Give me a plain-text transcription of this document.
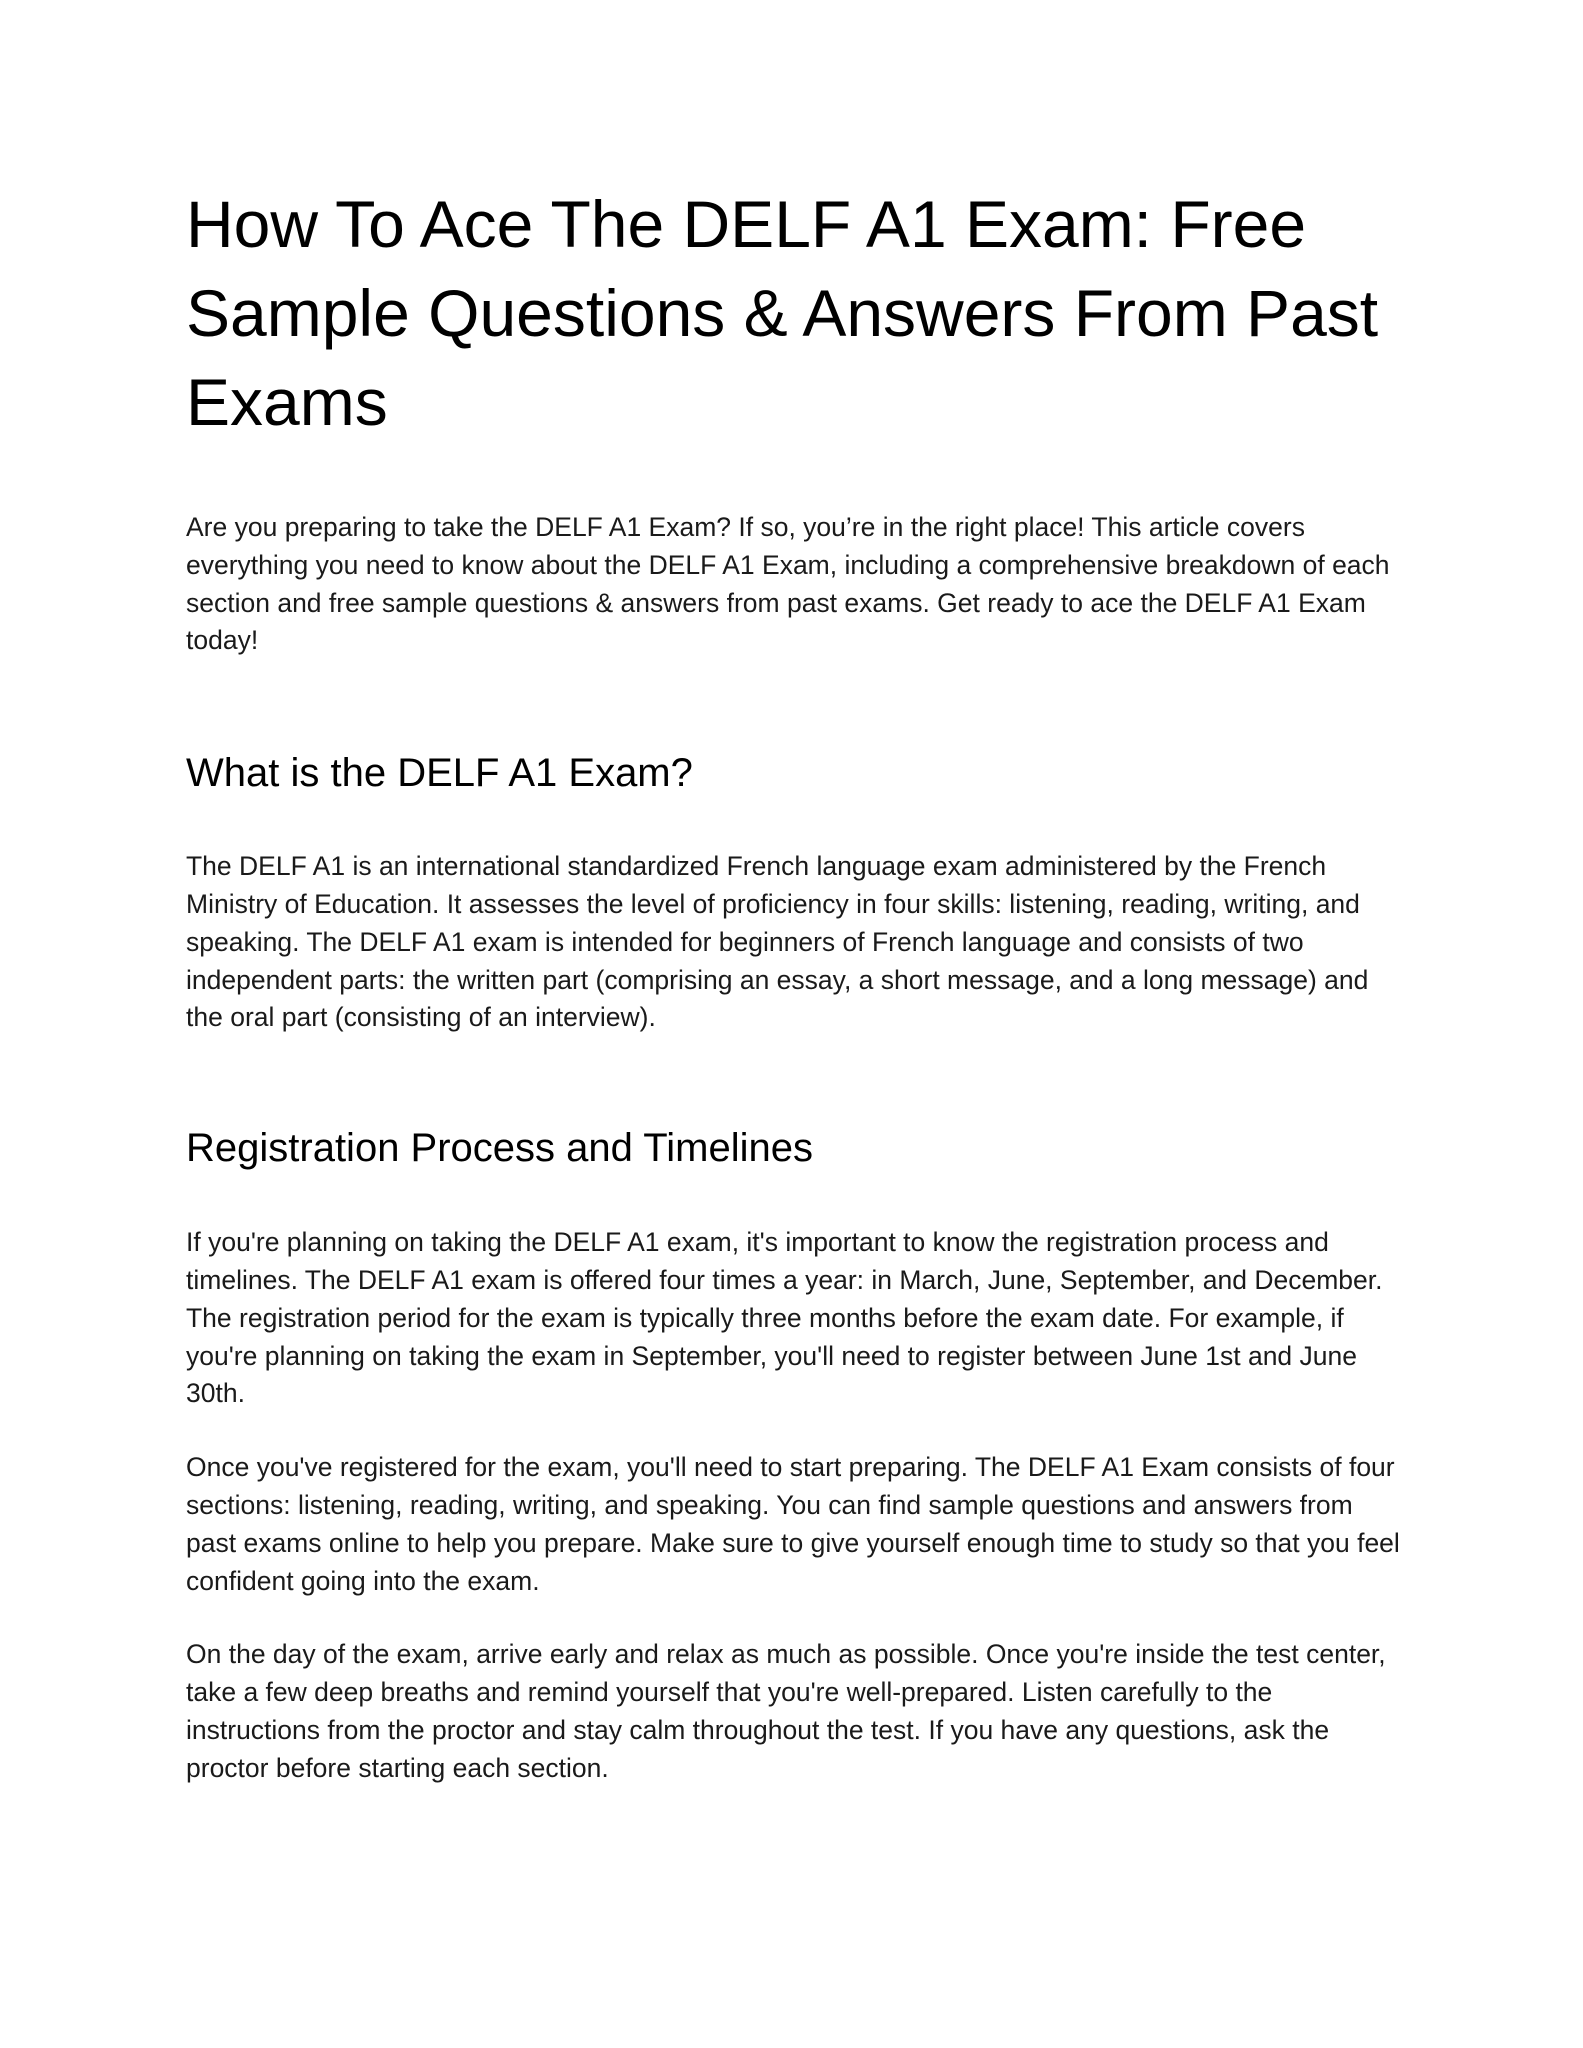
How To Ace The DELF A1 Exam: Free Sample Questions & Answers From Past Exams

Are you preparing to take the DELF A1 Exam? If so, you’re in the right place! This article covers everything you need to know about the DELF A1 Exam, including a comprehensive breakdown of each section and free sample questions & answers from past exams. Get ready to ace the DELF A1 Exam today!

What is the DELF A1 Exam?

The DELF A1 is an international standardized French language exam administered by the French Ministry of Education. It assesses the level of proficiency in four skills: listening, reading, writing, and speaking. The DELF A1 exam is intended for beginners of French language and consists of two independent parts: the written part (comprising an essay, a short message, and a long message) and the oral part (consisting of an interview).

Registration Process and Timelines

If you're planning on taking the DELF A1 exam, it's important to know the registration process and timelines. The DELF A1 exam is offered four times a year: in March, June, September, and December. The registration period for the exam is typically three months before the exam date. For example, if you're planning on taking the exam in September, you'll need to register between June 1st and June 30th.

Once you've registered for the exam, you'll need to start preparing. The DELF A1 Exam consists of four sections: listening, reading, writing, and speaking. You can find sample questions and answers from past exams online to help you prepare. Make sure to give yourself enough time to study so that you feel confident going into the exam.

On the day of the exam, arrive early and relax as much as possible. Once you're inside the test center, take a few deep breaths and remind yourself that you're well-prepared. Listen carefully to the instructions from the proctor and stay calm throughout the test. If you have any questions, ask the proctor before starting each section.
